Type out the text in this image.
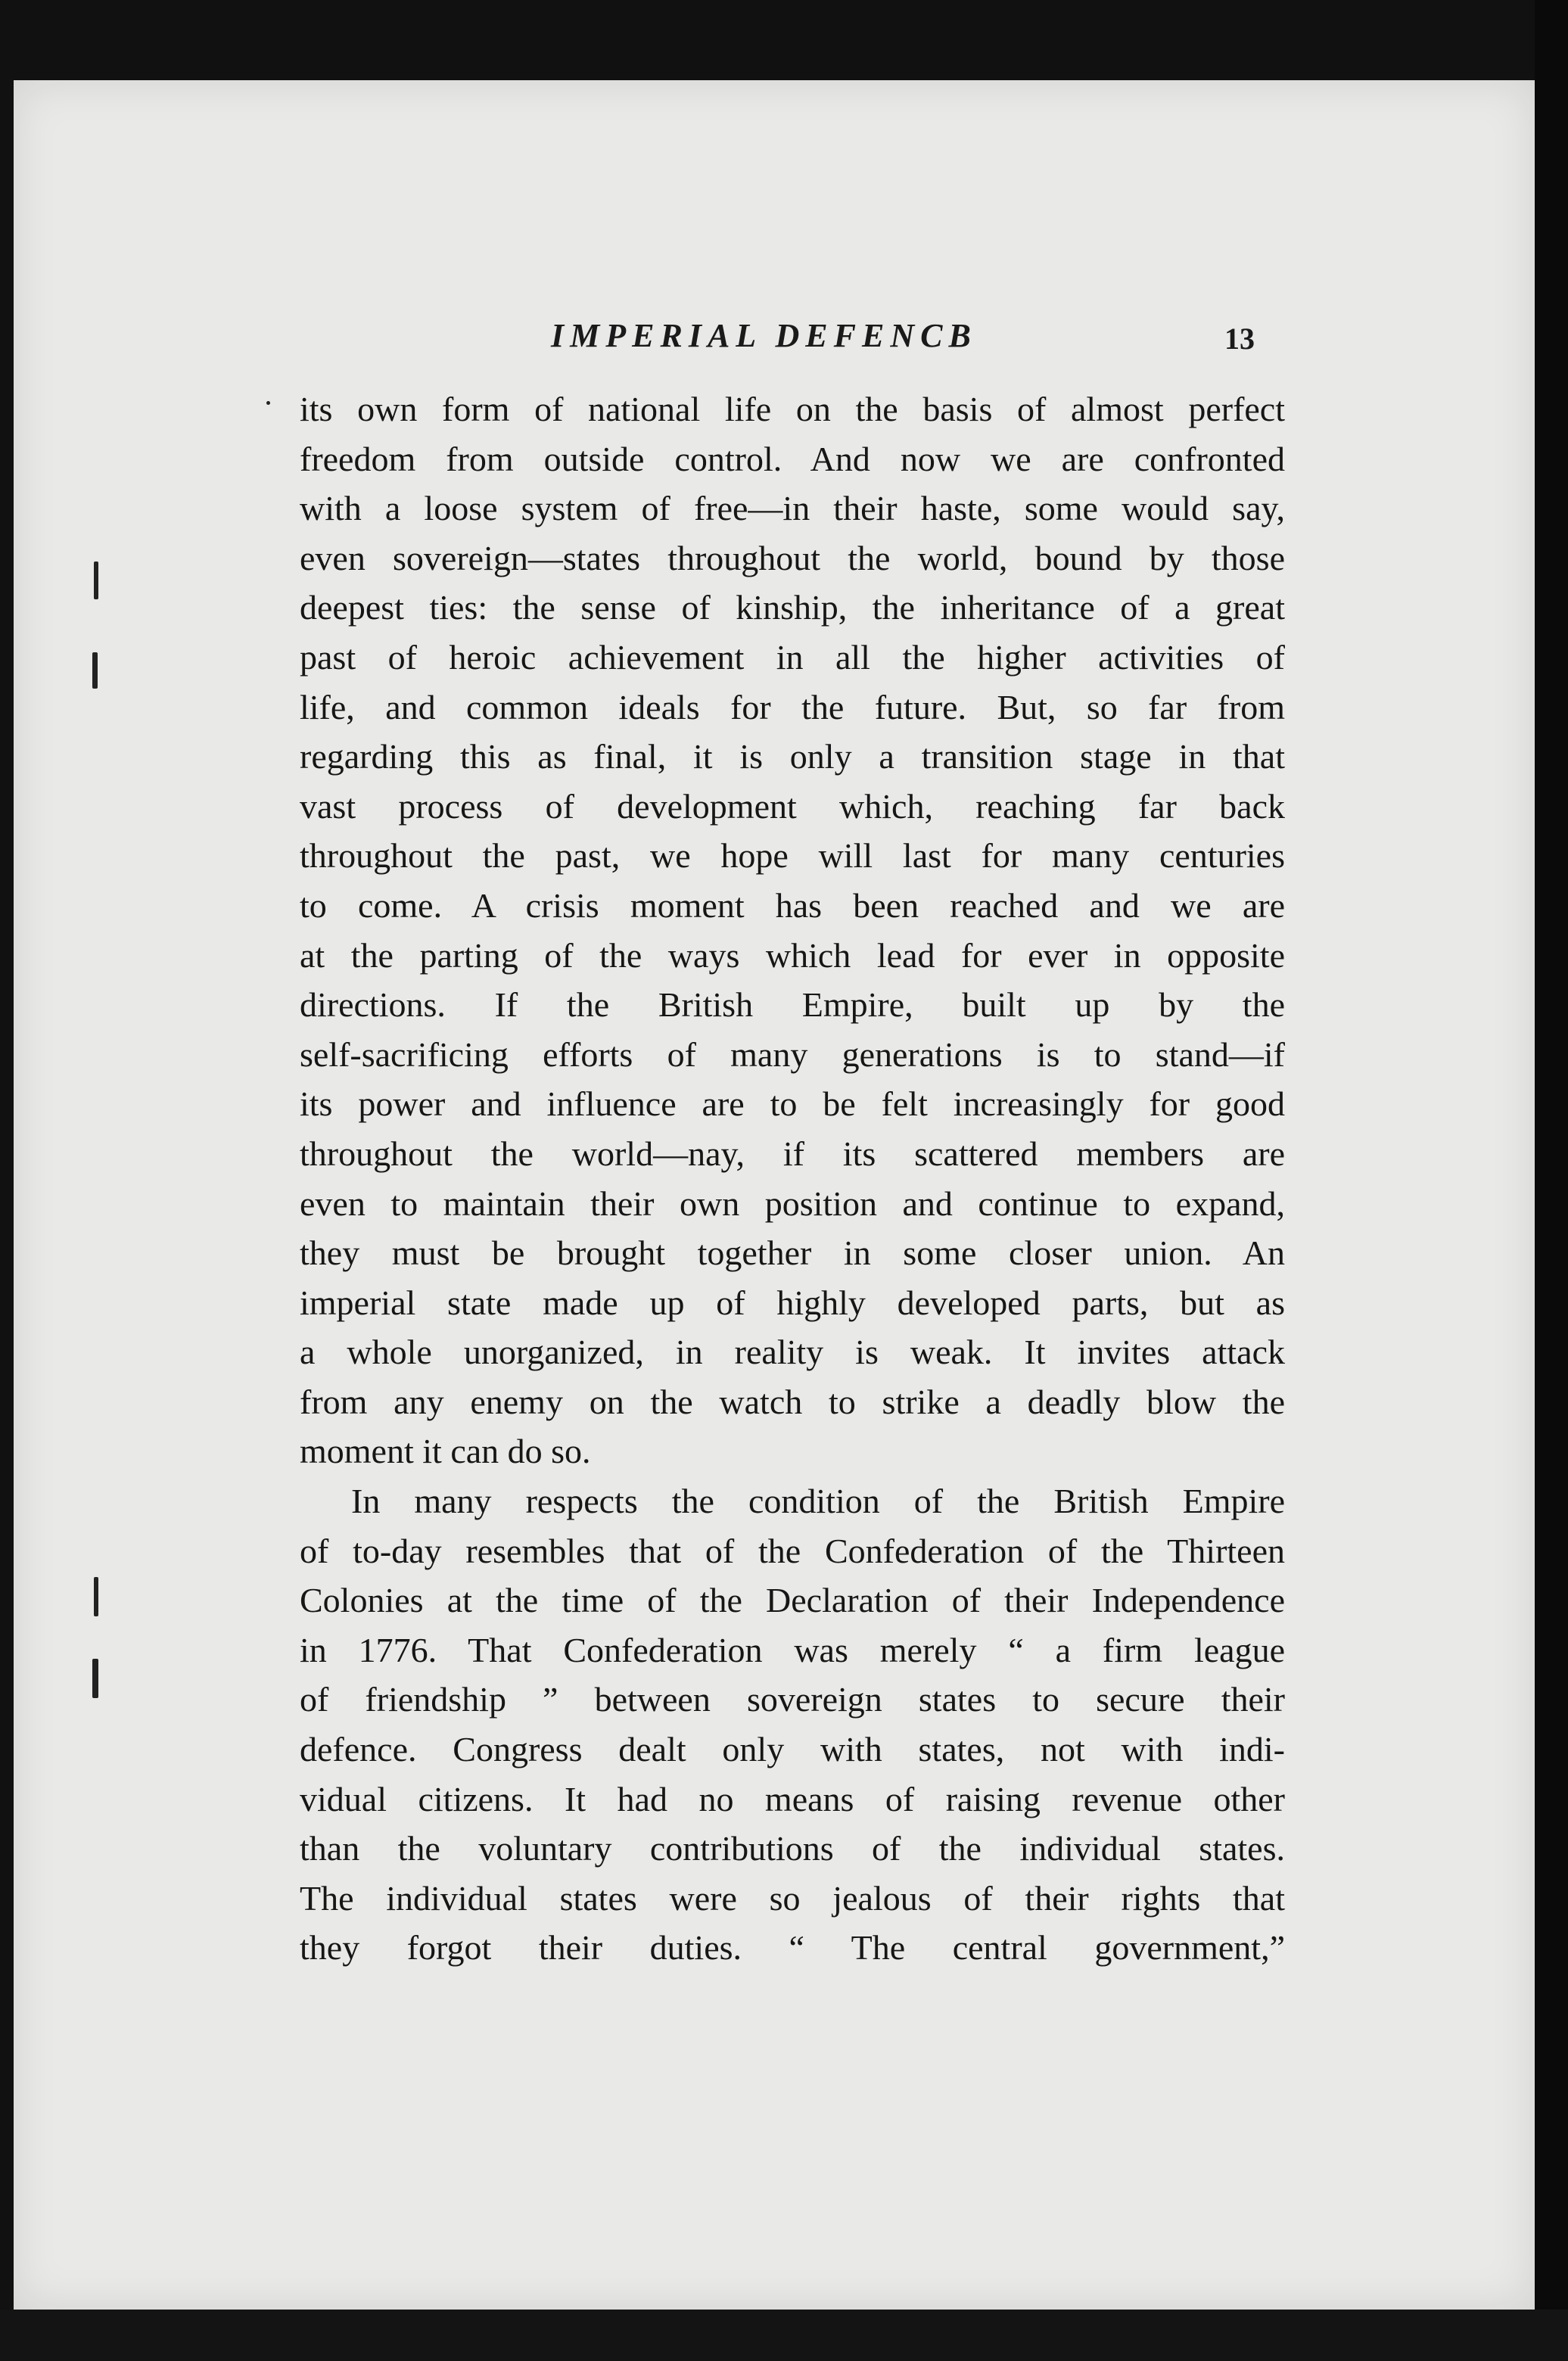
IMPERIAL DEFENCB	13
its own form of national life on the basis of almost perfect
freedom from outside control. And now we are confronted
with a loose system of free—in their haste, some would say,
even sovereign—states throughout the world, bound by those
deepest ties: the sense of kinship, the inheritance of a great
past of heroic achievement in all the higher activities of
life, and common ideals for the future. But, so far from
regarding this as final, it is only a transition stage in that
vast process of development which, reaching far back
throughout the past, we hope will last for many centuries
to come. A crisis moment has been reached and we are
at the parting of the ways which lead for ever in opposite
directions. If the British Empire, built up by the
self-sacrificing efforts of many generations is to stand—if
its power and influence are to be felt increasingly for good
throughout the world—nay, if its scattered members are
even to maintain their own position and continue to expand,
they must be brought together in some closer union. An
imperial state made up of highly developed parts, but as
a whole unorganized, in reality is weak. It invites attack
from any enemy on the watch to strike a deadly blow the
moment it can do so.
In many respects the condition of the British Empire
of to-day resembles that of the Confederation of the Thirteen
Colonies at the time of the Declaration of their Independence
in 1776. That Confederation was merely “ a firm league
of friendship ” between sovereign states to secure their
defence. Congress dealt only with states, not with indi-
vidual citizens. It had no means of raising revenue other
than the voluntary contributions of the individual states.
The individual states were so jealous of their rights that
they forgot their duties. “ The central government,”
